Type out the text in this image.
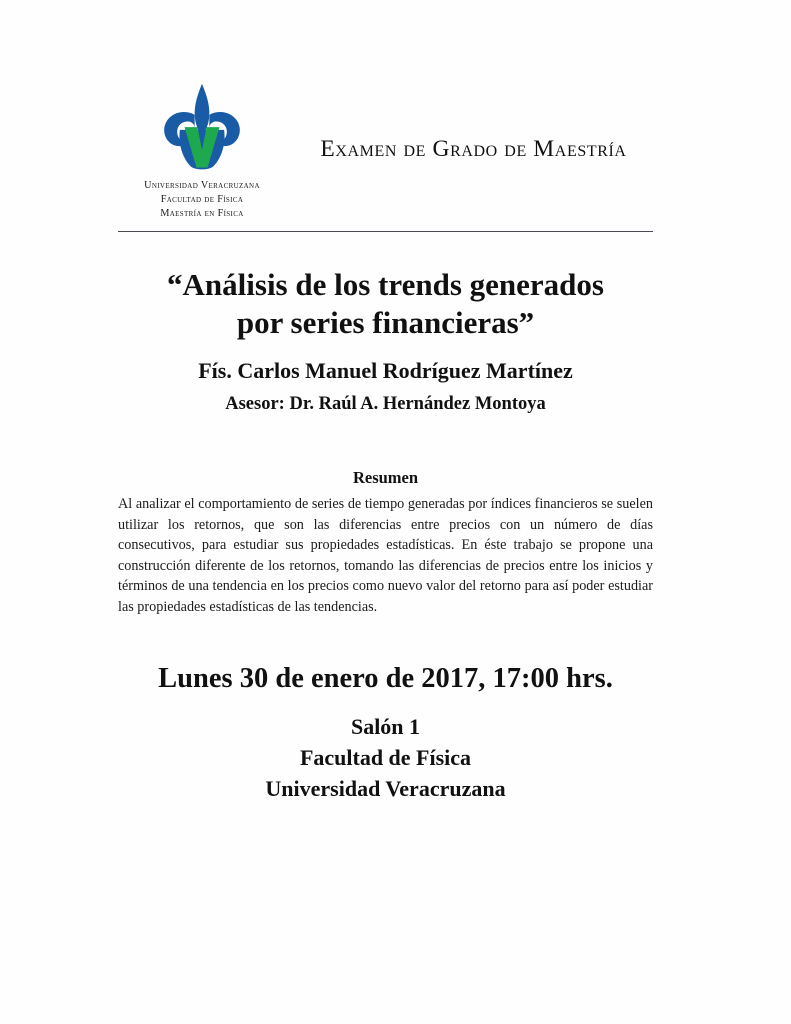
Examen de Grado de Maestría
Universidad Veracruzana
Facultad de Física
Maestría en Física
“Análisis de los trends generados
por series financieras”
Fís. Carlos Manuel Rodríguez Martínez
Asesor: Dr. Raúl A. Hernández Montoya
Resumen

Al analizar el comportamiento de series de tiempo generadas por índices financieros se suelen utilizar los retornos, que son las diferencias entre precios con un número de días consecutivos, para estudiar sus propiedades estadísticas. En éste trabajo se propone una construcción diferente de los retornos, tomando las diferencias de precios entre los inicios y términos de una tendencia en los precios como nuevo valor del retorno para así poder estudiar las propiedades estadísticas de las tendencias.

Lunes 30 de enero de 2017, 17:00 hrs.
Salón 1
Facultad de Física
Universidad Veracruzana
